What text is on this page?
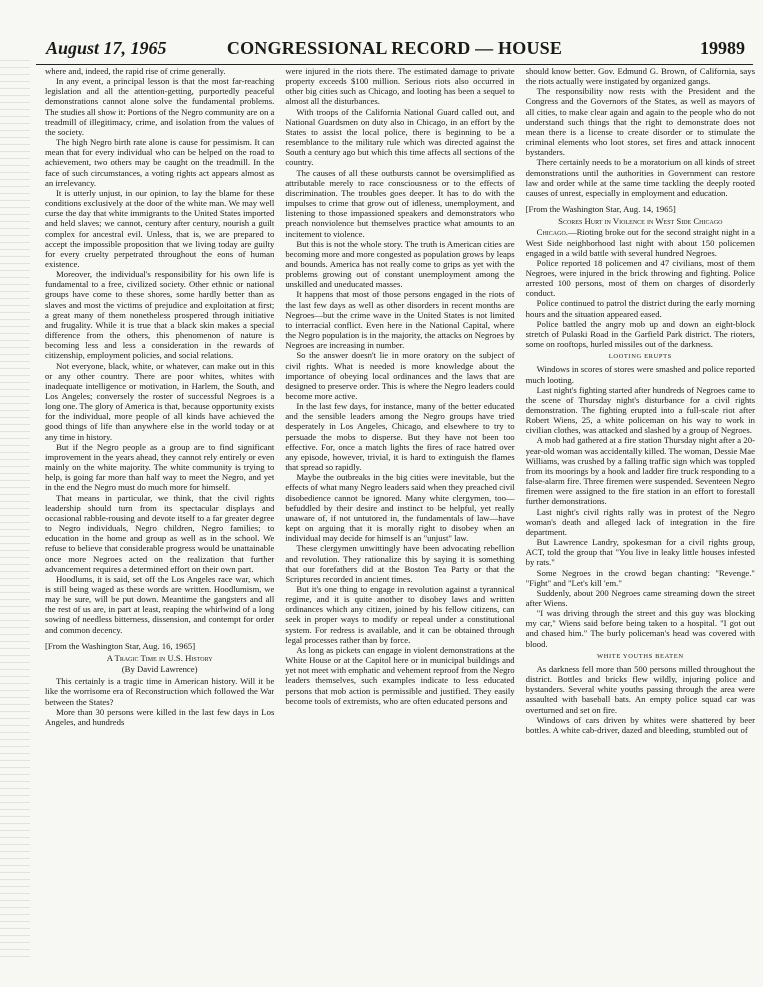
August 17, 1965	CONGRESSIONAL RECORD — HOUSE	19989

where and, indeed, the rapid rise of crime generally.

In any event, a principal lesson is that the most far-reaching legislation and all the attention-getting, purportedly peaceful demonstrations cannot alone solve the fundamental problems. The studies all show it: Portions of the Negro community are on a treadmill of illegitimacy, crime, and isolation from the values of the society.

The high Negro birth rate alone is cause for pessimism. It can mean that for every individual who can be helped on the road to achievement, two others may be caught on the treadmill. In the face of such circumstances, a voting rights act appears almost as an irrelevancy.

It is utterly unjust, in our opinion, to lay the blame for these conditions exclusively at the door of the white man. We may well curse the day that white immigrants to the United States imported and held slaves; we cannot, century after century, nourish a guilt complex for ancestral evil. Unless, that is, we are prepared to accept the impossible proposition that we living today are guilty for every cruelty perpetrated throughout the eons of human existence.

Moreover, the individual's responsibility for his own life is fundamental to a free, civilized society. Other ethnic or national groups have come to these shores, some hardly better than as slaves and most the victims of prejudice and exploitation at first; a great many of them nonetheless prospered through initiative and frugality. While it is true that a black skin makes a special difference from the others, this phenomenon of nature is becoming less and less a consideration in the rewards of citizenship, employment policies, and social relations.

Not everyone, black, white, or whatever, can make out in this or any other country. There are poor whites, whites with inadequate intelligence or motivation, in Harlem, the South, and Los Angeles; conversely the roster of successful Negroes is a long one. The glory of America is that, because opportunity exists for the individual, more people of all kinds have achieved the good things of life than anywhere else in the world today or at any time in history.

But if the Negro people as a group are to find significant improvement in the years ahead, they cannot rely entirely or even mainly on the white majority. The white community is trying to help, is going far more than half way to meet the Negro, and yet in the end the Negro must do much more for himself.

That means in particular, we think, that the civil rights leadership should turn from its spectacular displays and occasional rabble-rousing and devote itself to a far greater degree to Negro individuals, Negro children, Negro families; to education in the home and group as well as in the school. We refuse to believe that considerable progress would be unattainable once more Negroes acted on the realization that further advancement requires a determined effort on their own part.

Hoodlums, it is said, set off the Los Angeles race war, which is still being waged as these words are written. Hoodlumism, we may be sure, will be put down. Meantime the gangsters and all the rest of us are, in part at least, reaping the whirlwind of a long sowing of needless bitterness, dissension, and contempt for order and common decency.

[From the Washington Star, Aug. 16, 1965]

A Tragic Time in U.S. History

(By David Lawrence)

This certainly is a tragic time in American history. Will it be like the worrisome era of Reconstruction which followed the War between the States?

More than 30 persons were killed in the last few days in Los Angeles, and hundreds

were injured in the riots there. The estimated damage to private property exceeds $100 million. Serious riots also occurred in other big cities such as Chicago, and looting has been a sequel to almost all the disturbances.

With troops of the California National Guard called out, and National Guardsmen on duty also in Chicago, in an effort by the States to assist the local police, there is beginning to be a resemblance to the military rule which was directed against the South a century ago but which this time affects all sections of the country.

The causes of all these outbursts cannot be oversimplified as attributable merely to race consciousness or to the effects of discrimination. The troubles goes deeper. It has to do with the impulses to crime that grow out of idleness, unemployment, and listening to those impassioned speakers and demonstrators who preach nonviolence but themselves practice what amounts to an incitement to violence.

But this is not the whole story. The truth is American cities are becoming more and more congested as population grows by leaps and bounds. America has not really come to grips as yet with the problems growing out of constant unemployment among the unskilled and uneducated masses.

It happens that most of those persons engaged in the riots of the last few days as well as other disorders in recent months are Negroes—but the crime wave in the United States is not limited to interracial conflict. Even here in the National Capital, where the Negro population is in the majority, the attacks on Negroes by Negroes are increasing in number.

So the answer doesn't lie in more oratory on the subject of civil rights. What is needed is more knowledge about the importance of obeying local ordinances and the laws that are designed to preserve order. This is where the Negro leaders could become more active.

In the last few days, for instance, many of the better educated and the sensible leaders among the Negro groups have tried desperately in Los Angeles, Chicago, and elsewhere to try to persuade the mobs to disperse. But they have not been too effective. For, once a match lights the fires of race hatred over any episode, however, trivial, it is hard to extinguish the flames that spread so rapidly.

Maybe the outbreaks in the big cities were inevitable, but the effects of what many Negro leaders said when they preached civil disobedience cannot be ignored. Many white clergymen, too—befuddled by their desire and instinct to be helpful, yet really unaware of, if not untutored in, the fundamentals of law—have kept on arguing that it is morally right to disobey when an individual may decide for himself is an "unjust" law.

These clergymen unwittingly have been advocating rebellion and revolution. They rationalize this by saying it is something that our forefathers did at the Boston Tea Party or that the Scriptures recorded in ancient times.

But it's one thing to engage in revolution against a tyrannical regime, and it is quite another to disobey laws and written ordinances which any citizen, joined by his fellow citizens, can seek in proper ways to modify or repeal under a constitutional system. For redress is available, and it can be obtained through legal processes rather than by force.

As long as pickets can engage in violent demonstrations at the White House or at the Capitol here or in municipal buildings and yet not meet with emphatic and vehement reproof from the Negro leaders themselves, such examples indicate to less educated persons that mob action is permissible and justified. They easily become tools of extremists, who are often educated persons and

should know better. Gov. Edmund G. Brown, of California, says the riots actually were instigated by organized gangs.

The responsibility now rests with the President and the Congress and the Governors of the States, as well as mayors of all cities, to make clear again and again to the people who do not understand such things that the right to demonstrate does not mean there is a license to create disorder or to stimulate the criminal elements who loot stores, set fires and attack innocent bystanders.

There certainly needs to be a moratorium on all kinds of street demonstrations until the authorities in Government can restore law and order while at the same time tackling the deeply rooted causes of unrest, especially in employment and education.

[From the Washington Star, Aug. 14, 1965]

Scores Hurt in Violence in West Side Chicago

Chicago.—Rioting broke out for the second straight night in a West Side neighborhood last night with about 150 policemen engaged in a wild battle with several hundred Negroes.

Police reported 18 policemen and 47 civilians, most of them Negroes, were injured in the brick throwing and fighting. Police arrested 100 persons, most of them on charges of disorderly conduct.

Police continued to patrol the district during the early morning hours and the situation appeared eased.

Police battled the angry mob up and down an eight-block stretch of Pulaski Road in the Garfield Park district. The rioters, some on rooftops, hurled missiles out of the darkness.

LOOTING ERUPTS

Windows in scores of stores were smashed and police reported much looting.

Last night's fighting started after hundreds of Negroes came to the scene of Thursday night's disturbance for a civil rights demonstration. The fighting erupted into a full-scale riot after Robert Wiens, 25, a white policeman on his way to work in civilian clothes, was attacked and slashed by a group of Negroes.

A mob had gathered at a fire station Thursday night after a 20-year-old woman was accidentally killed. The woman, Dessie Mae Williams, was crushed by a falling traffic sign which was toppled from its moorings by a hook and ladder fire truck responding to a false-alarm fire. Three firemen were suspended. Seventeen Negro firemen were assigned to the fire station in an effort to forestall further demonstrations.

Last night's civil rights rally was in protest of the Negro woman's death and alleged lack of integration in the fire department.

But Lawrence Landry, spokesman for a civil rights group, ACT, told the group that "You live in leaky little houses infested by rats."

Some Negroes in the crowd began chanting: "Revenge." "Fight" and "Let's kill 'em."

Suddenly, about 200 Negroes came streaming down the street after Wiens.

"I was driving through the street and this guy was blocking my car," Wiens said before being taken to a hospital. "I got out and chased him." The burly policeman's head was covered with blood.

WHITE YOUTHS BEATEN

As darkness fell more than 500 persons milled throughout the district. Bottles and bricks flew wildly, injuring police and bystanders. Several white youths passing through the area were assaulted with baseball bats. An empty police squad car was overturned and set on fire.

Windows of cars driven by whites were shattered by beer bottles. A white cab-driver, dazed and bleeding, stumbled out of
